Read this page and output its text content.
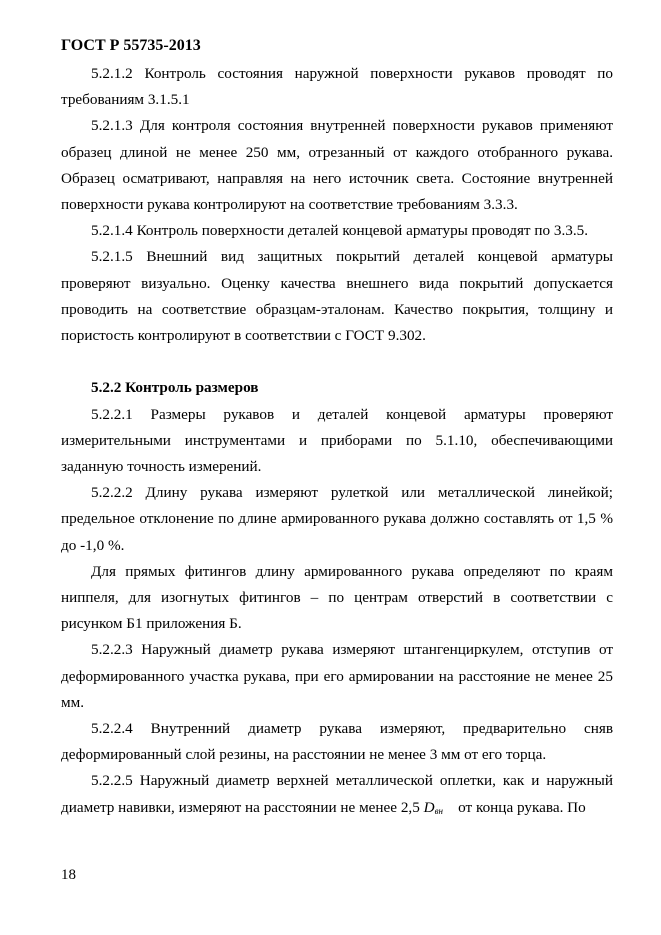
ГОСТ Р 55735-2013

5.2.1.2 Контроль состояния наружной поверхности рукавов проводят по требованиям 3.1.5.1

5.2.1.3 Для контроля состояния внутренней поверхности рукавов применяют образец длиной не менее 250 мм, отрезанный от каждого отобранного рукава. Образец осматривают, направляя на него источник света. Состояние внутренней поверхности рукава контролируют на соответствие требованиям 3.3.3.

5.2.1.4 Контроль поверхности деталей концевой арматуры проводят по 3.3.5.

5.2.1.5 Внешний вид защитных покрытий деталей концевой арматуры проверяют визуально. Оценку качества внешнего вида покрытий допускается проводить на соответствие образцам-эталонам. Качество покрытия, толщину и пористость контролируют в соответствии с ГОСТ 9.302.

5.2.2 Контроль размеров

5.2.2.1 Размеры рукавов и деталей концевой арматуры проверяют измерительными инструментами и приборами по 5.1.10, обеспечивающими заданную точность измерений.

5.2.2.2 Длину рукава измеряют рулеткой или металлической линейкой; предельное отклонение по длине армированного рукава должно составлять от 1,5 % до -1,0 %.

Для прямых фитингов длину армированного рукава определяют по краям ниппеля, для изогнутых фитингов – по центрам отверстий в соответствии с рисунком Б1 приложения Б.

5.2.2.3 Наружный диаметр рукава измеряют штангенциркулем, отступив от деформированного участка рукава, при его армировании на расстояние не менее 25 мм.

5.2.2.4 Внутренний диаметр рукава измеряют, предварительно сняв деформированный слой резины, на расстоянии не менее 3 мм от его торца.

5.2.2.5 Наружный диаметр верхней металлической оплетки, как и наружный диаметр навивки, измеряют на расстоянии не менее 2,5 $D_{вн}$    от конца рукава. По

18
